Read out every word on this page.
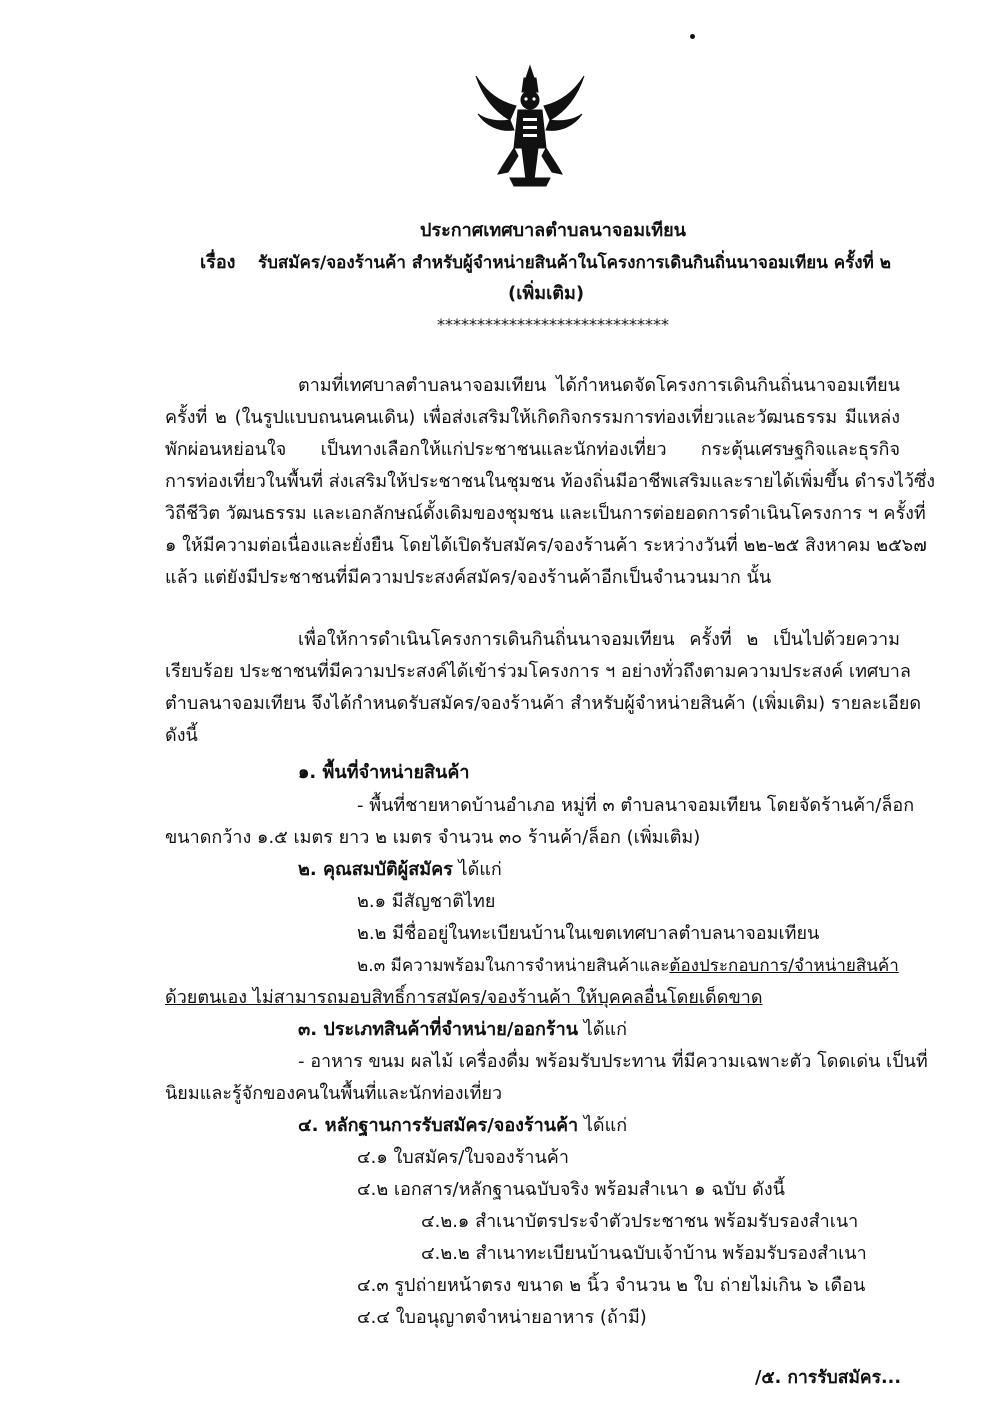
ประกาศเทศบาลตำบลนาจอมเทียน
เรื่อง รับสมัคร/จองร้านค้า สำหรับผู้จำหน่ายสินค้าในโครงการเดินกินถิ่นนาจอมเทียน ครั้งที่ ๒
(เพิ่มเติม)
*****************************
ตามที่เทศบาลตำบลนาจอมเทียน ได้กำหนดจัดโครงการเดินกินถิ่นนาจอมเทียน
ครั้งที่ ๒ (ในรูปแบบถนนคนเดิน) เพื่อส่งเสริมให้เกิดกิจกรรมการท่องเที่ยวและวัฒนธรรม มีแหล่ง
พักผ่อนหย่อนใจ เป็นทางเลือกให้แก่ประชาชนและนักท่องเที่ยว กระตุ้นเศรษฐกิจและธุรกิจ
การท่องเที่ยวในพื้นที่ ส่งเสริมให้ประชาชนในชุมชน ท้องถิ่นมีอาชีพเสริมและรายได้เพิ่มขึ้น ดำรงไว้ซึ่ง
วิถีชีวิต วัฒนธรรม และเอกลักษณ์ดั้งเดิมของชุมชน และเป็นการต่อยอดการดำเนินโครงการ ฯ ครั้งที่
๑ ให้มีความต่อเนื่องและยั่งยืน โดยได้เปิดรับสมัคร/จองร้านค้า ระหว่างวันที่ ๒๒-๒๕ สิงหาคม ๒๕๖๗
แล้ว แต่ยังมีประชาชนที่มีความประสงค์สมัคร/จองร้านค้าอีกเป็นจำนวนมาก นั้น
เพื่อให้การดำเนินโครงการเดินกินถิ่นนาจอมเทียน ครั้งที่ ๒ เป็นไปด้วยความ
เรียบร้อย ประชาชนที่มีความประสงค์ได้เข้าร่วมโครงการ ฯ อย่างทั่วถึงตามความประสงค์ เทศบาล
ตำบลนาจอมเทียน จึงได้กำหนดรับสมัคร/จองร้านค้า สำหรับผู้จำหน่ายสินค้า (เพิ่มเติม) รายละเอียด
ดังนี้
๑. พื้นที่จำหน่ายสินค้า
- พื้นที่ชายหาดบ้านอำเภอ หมู่ที่ ๓ ตำบลนาจอมเทียน โดยจัดร้านค้า/ล็อก
ขนาดกว้าง ๑.๕ เมตร ยาว ๒ เมตร จำนวน ๓๐ ร้านค้า/ล็อก (เพิ่มเติม)
๒. คุณสมบัติผู้สมัคร ได้แก่
๒.๑ มีสัญชาติไทย
๒.๒ มีชื่ออยู่ในทะเบียนบ้านในเขตเทศบาลตำบลนาจอมเทียน
๒.๓ มีความพร้อมในการจำหน่ายสินค้าและต้องประกอบการ/จำหน่ายสินค้า
ด้วยตนเอง ไม่สามารถมอบสิทธิ์การสมัคร/จองร้านค้า ให้บุคคลอื่นโดยเด็ดขาด
๓. ประเภทสินค้าที่จำหน่าย/ออกร้าน ได้แก่
- อาหาร ขนม ผลไม้ เครื่องดื่ม พร้อมรับประทาน ที่มีความเฉพาะตัว โดดเด่น เป็นที่
นิยมและรู้จักของคนในพื้นที่และนักท่องเที่ยว
๔. หลักฐานการรับสมัคร/จองร้านค้า ได้แก่
๔.๑ ใบสมัคร/ใบจองร้านค้า
๔.๒ เอกสาร/หลักฐานฉบับจริง พร้อมสำเนา ๑ ฉบับ ดังนี้
๔.๒.๑ สำเนาบัตรประจำตัวประชาชน พร้อมรับรองสำเนา
๔.๒.๒ สำเนาทะเบียนบ้านฉบับเจ้าบ้าน พร้อมรับรองสำเนา
๔.๓ รูปถ่ายหน้าตรง ขนาด ๒ นิ้ว จำนวน ๒ ใบ ถ่ายไม่เกิน ๖ เดือน
๔.๔ ใบอนุญาตจำหน่ายอาหาร (ถ้ามี)
/๕. การรับสมัคร...
